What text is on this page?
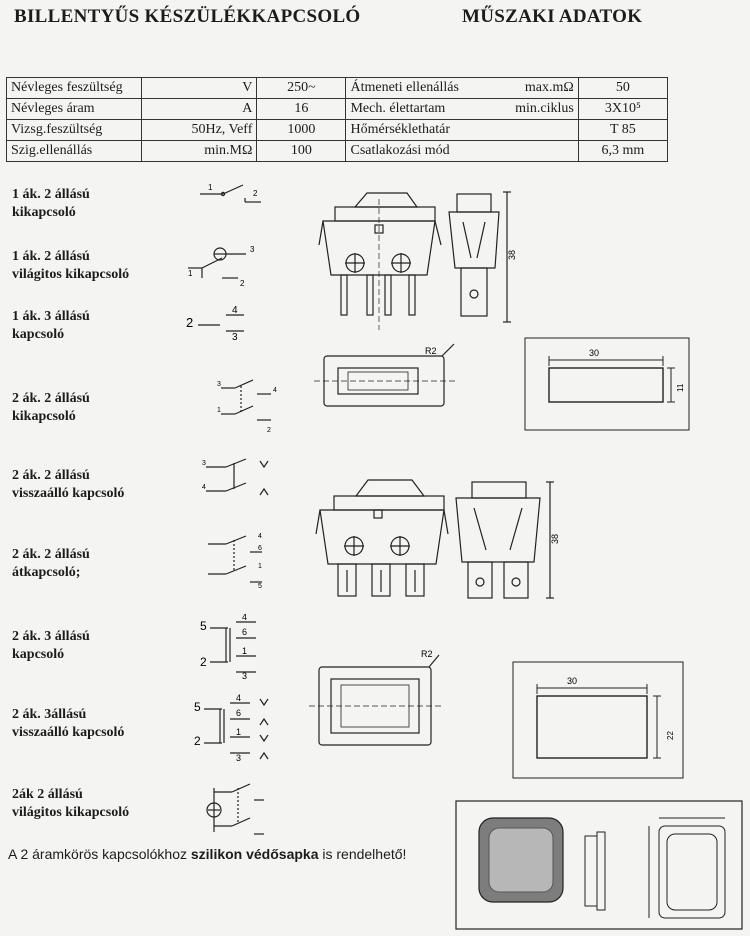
BILLENTYŰS KÉSZÜLÉKKAPCSOLÓ	MŰSZAKI ADATOK
Névleges feszültség	V	250~	Átmeneti ellenállás max.mΩ	50
Névleges áram	A	16	Mech. élettartam min.ciklus	3X10⁵
Vizsg.feszültség	50Hz, Veff	1000	Hőmérséklethatár	T 85
Szig.ellenállás	min.MΩ	100	Csatlakozási mód	6,3 mm
1 ák. 2 állású
kikapcsoló
1 ák. 2 állású
világitos kikapcsoló
1 ák. 3 állású
kapcsoló
2 ák. 2 állású
kikapcsoló
2 ák. 2 állású
visszaálló kapcsoló
2 ák. 2 állású
átkapcsoló;
2 ák. 3 állású
kapcsoló
2 ák. 3állású
visszaálló kapcsoló
2ák 2 állású
világitos kikapcsoló
1
2
1
3
2
2
4
3
3
1
4
2
3
4
4
6
1
5
5
2
4
6
1
3
5
2
4
6
1
3
38
R2	30
11
38
R2
30
22
A 2 áramkörös kapcsolókhoz szilikon védősapka is rendelhető!
